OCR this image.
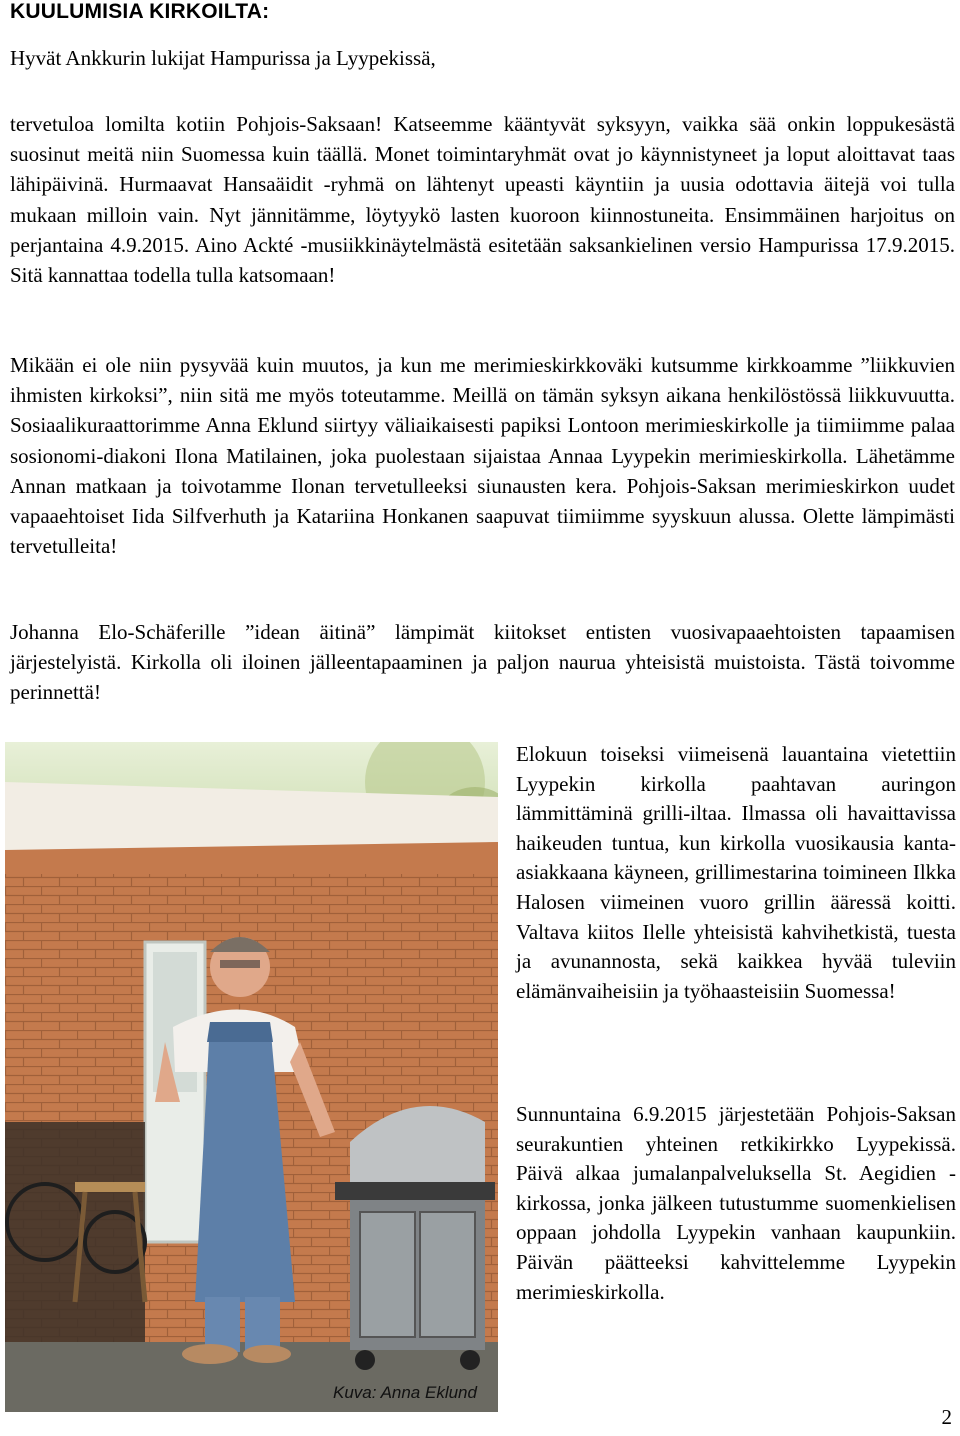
KUULUMISIA KIRKOILTA:
Hyvät Ankkurin lukijat Hampurissa ja Lyypekissä,
tervetuloa lomilta kotiin Pohjois-Saksaan! Katseemme kääntyvät syksyyn, vaikka sää onkin loppukesästä suosinut meitä niin Suomessa kuin täällä. Monet toimintaryhmät ovat jo käynnistyneet ja loput aloittavat taas lähipäivinä. Hurmaavat Hansaäidit -ryhmä on lähtenyt upeasti käyntiin ja uusia odottavia äitejä voi tulla mukaan milloin vain. Nyt jännitämme, löytyykö lasten kuoroon kiinnostuneita. Ensimmäinen harjoitus on perjantaina 4.9.2015. Aino Ackté -musiikkinäytelmästä esitetään saksankielinen versio Hampurissa 17.9.2015. Sitä kannattaa todella tulla katsomaan!
Mikään ei ole niin pysyvää kuin muutos, ja kun me merimieskirkkoväki kutsumme kirkkoamme ”liikkuvien ihmisten kirkoksi”, niin sitä me myös toteutamme. Meillä on tämän syksyn aikana henkilöstössä liikkuvuutta. Sosiaalikuraattorimme Anna Eklund siirtyy väliaikaisesti papiksi Lontoon merimieskirkolle ja tiimiimme palaa sosionomi-diakoni Ilona Matilainen, joka puolestaan sijaistaa Annaa Lyypekin merimieskirkolla. Lähetämme Annan matkaan ja toivotamme Ilonan tervetulleeksi siunausten kera. Pohjois-Saksan merimieskirkon uudet vapaaehtoiset Iida Silfverhuth ja Katariina Honkanen saapuvat tiimiimme syyskuun alussa. Olette lämpimästi tervetulleita!
Johanna Elo-Schäferille ”idean äitinä” lämpimät kiitokset entisten vuosivapaaehtoisten tapaamisen järjestelyistä. Kirkolla oli iloinen jälleentapaaminen ja paljon naurua yhteisistä muistoista. Tästä toivomme perinnettä!
Kuva: Anna Eklund
Elokuun toiseksi viimeisenä lauantaina vietettiin Lyypekin kirkolla paahtavan auringon lämmittäminä grilli-iltaa. Ilmassa oli havaittavissa haikeuden tuntua, kun kirkolla vuosikausia kanta-asiakkaana käyneen, grillimestarina toimineen Ilkka Halosen viimeinen vuoro grillin ääressä koitti. Valtava kiitos Ilelle yhteisistä kahvihetkistä, tuesta ja avunannosta, sekä kaikkea hyvää tuleviin elämänvaiheisiin ja työhaasteisiin Suomessa!
Sunnuntaina 6.9.2015 järjestetään Pohjois-Saksan seurakuntien yhteinen retkikirkko Lyypekissä. Päivä alkaa jumalanpalveluksella St. Aegidien -kirkossa, jonka jälkeen tutustumme suomenkielisen oppaan johdolla Lyypekin vanhaan kaupunkiin. Päivän päätteeksi kahvittelemme Lyypekin merimieskirkolla.
2
